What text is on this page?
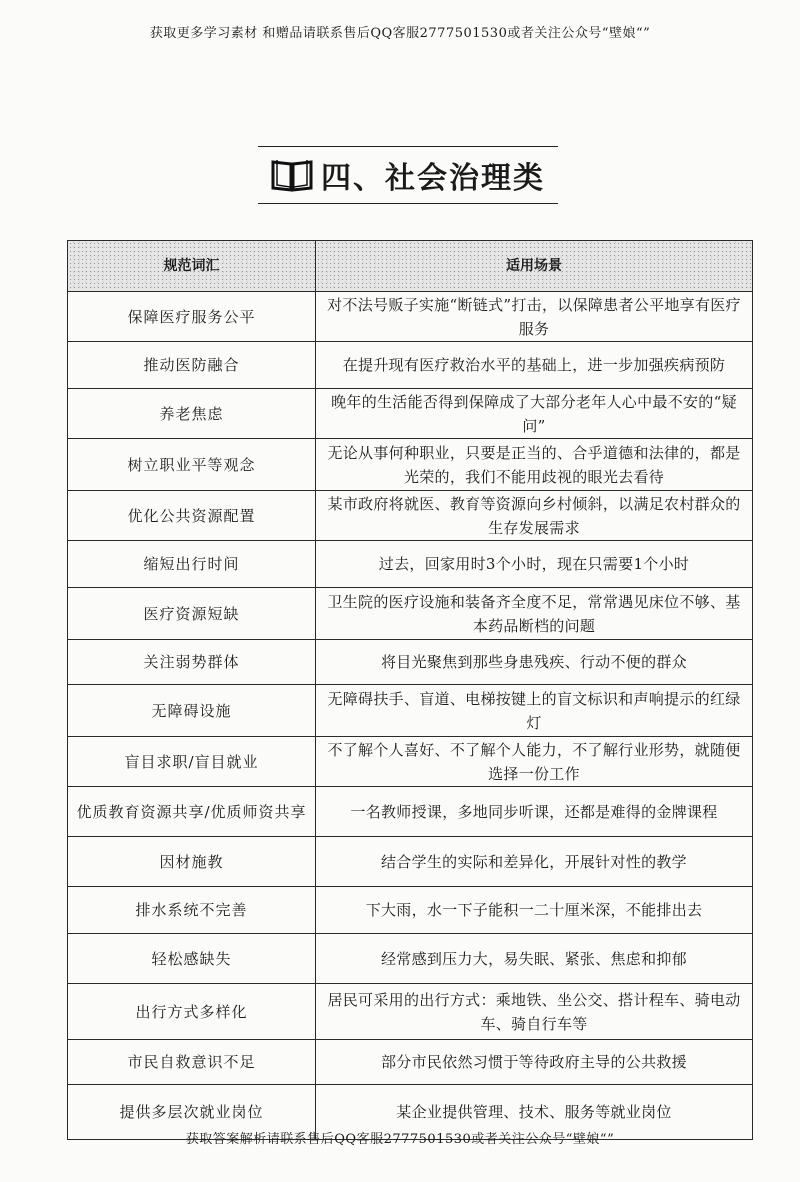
获取更多学习素材 和赠品请联系售后QQ客服2777501530或者关注公众号“壁娘“”
四、社会治理类
规范词汇	适用场景
保障医疗服务公平	对不法号贩子实施“断链式”打击，以保障患者公平地享有医疗服务
推动医防融合	在提升现有医疗救治水平的基础上，进一步加强疾病预防
养老焦虑	晚年的生活能否得到保障成了大部分老年人心中最不安的“疑问”
树立职业平等观念	无论从事何种职业，只要是正当的、合乎道德和法律的，都是光荣的，我们不能用歧视的眼光去看待
优化公共资源配置	某市政府将就医、教育等资源向乡村倾斜，以满足农村群众的生存发展需求
缩短出行时间	过去，回家用时3个小时，现在只需要1个小时
医疗资源短缺	卫生院的医疗设施和装备齐全度不足，常常遇见床位不够、基本药品断档的问题
关注弱势群体	将目光聚焦到那些身患残疾、行动不便的群众
无障碍设施	无障碍扶手、盲道、电梯按键上的盲文标识和声响提示的红绿灯
盲目求职/盲目就业	不了解个人喜好、不了解个人能力，不了解行业形势，就随便选择一份工作
优质教育资源共享/优质师资共享	一名教师授课，多地同步听课，还都是难得的金牌课程
因材施教	结合学生的实际和差异化，开展针对性的教学
排水系统不完善	下大雨，水一下子能积一二十厘米深，不能排出去
轻松感缺失	经常感到压力大，易失眠、紧张、焦虑和抑郁
出行方式多样化	居民可采用的出行方式：乘地铁、坐公交、搭计程车、骑电动车、骑自行车等
市民自救意识不足	部分市民依然习惯于等待政府主导的公共救援
提供多层次就业岗位	某企业提供管理、技术、服务等就业岗位
获取答案解析请联系售后QQ客服2777501530或者关注公众号“壁娘“”
